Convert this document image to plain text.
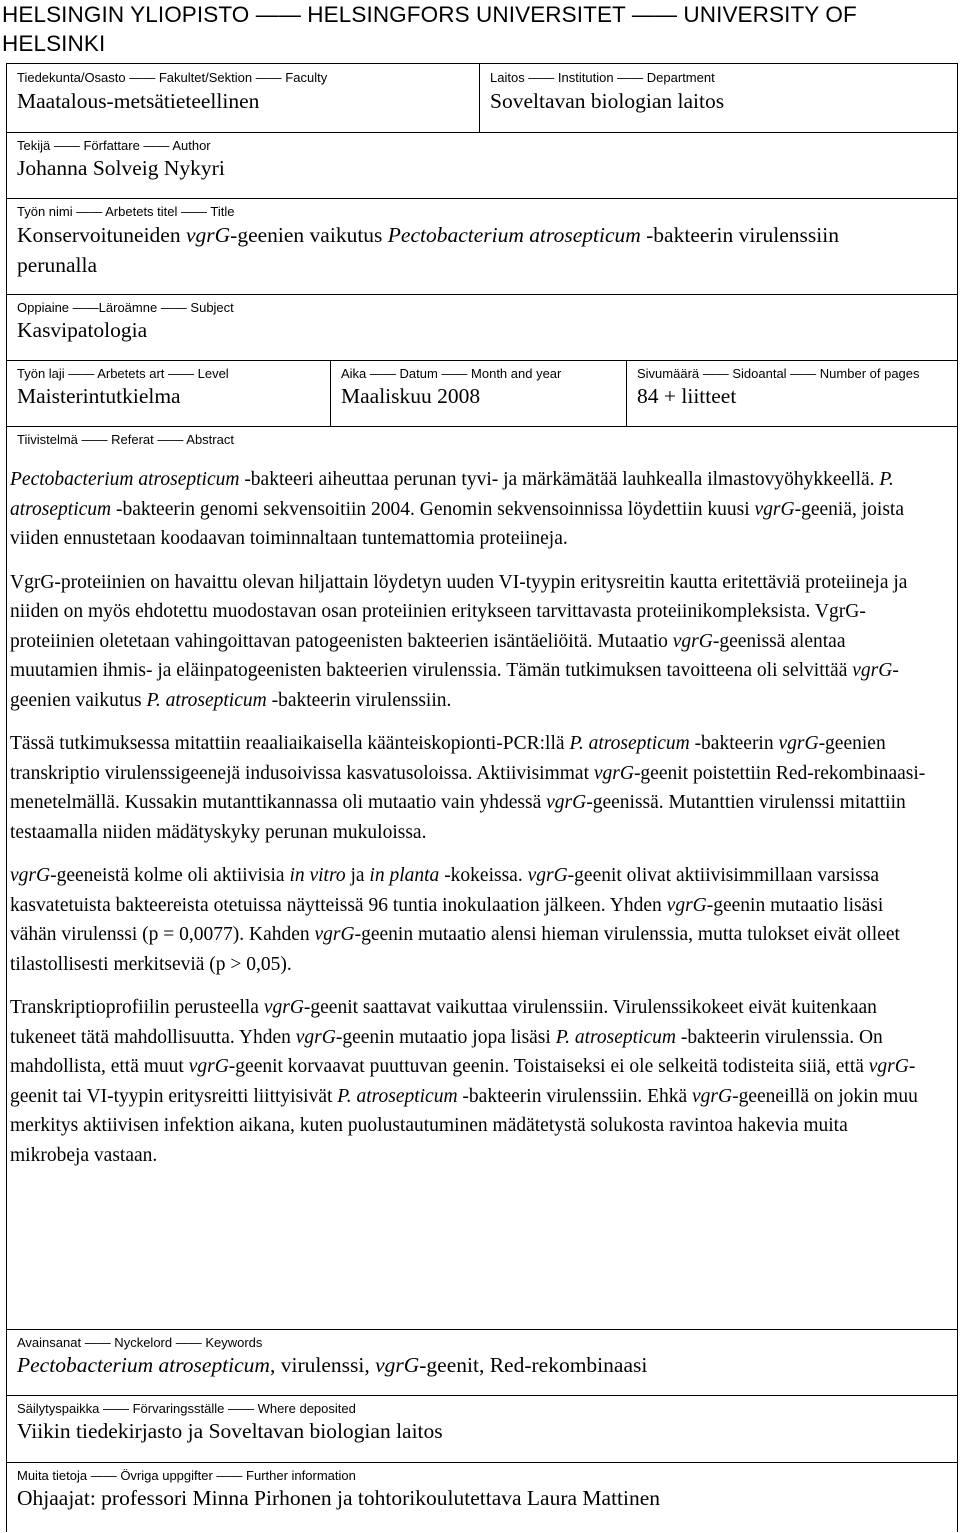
HELSINGIN YLIOPISTO —— HELSINGFORS UNIVERSITET —— UNIVERSITY OF HELSINKI
Tiedekunta/Osasto —— Fakultet/Sektion —— Faculty
Maatalous-metsätieteellinen
Laitos —— Institution —— Department
Soveltavan biologian laitos
Tekijä —— Författare —— Author
Johanna Solveig Nykyri
Työn nimi —— Arbetets titel —— Title
Konservoituneiden vgrG-geenien vaikutus Pectobacterium atrosepticum -bakteerin virulenssiin perunalla
Oppiaine ——Läroämne —— Subject
Kasvipatologia
Työn laji —— Arbetets art —— Level
Maisterintutkielma
Aika —— Datum —— Month and year
Maaliskuu 2008
Sivumäärä —— Sidoantal —— Number of pages
84 + liitteet
Tiivistelmä —— Referat —— Abstract
Avainsanat —— Nyckelord —— Keywords
Pectobacterium atrosepticum, virulenssi, vgrG-geenit, Red-rekombinaasi
Säilytyspaikka —— Förvaringsställe —— Where deposited
Viikin tiedekirjasto ja Soveltavan biologian laitos
Muita tietoja —— Övriga uppgifter —— Further information
Ohjaajat: professori Minna Pirhonen ja tohtorikoulutettava Laura Mattinen

Pectobacterium atrosepticum -bakteeri aiheuttaa perunan tyvi- ja märkämätää lauhkealla ilmastovyöhykkeellä. P. atrosepticum -bakteerin genomi sekvensoitiin 2004. Genomin sekvensoinnissa löydettiin kuusi vgrG-geeniä, joista viiden ennustetaan koodaavan toiminnaltaan tuntemattomia proteiineja.

VgrG-proteiinien on havaittu olevan hiljattain löydetyn uuden VI-tyypin eritysreitin kautta eritettäviä proteiineja ja niiden on myös ehdotettu muodostavan osan proteiinien eritykseen tarvittavasta proteiinikompleksista. VgrG-proteiinien oletetaan vahingoittavan patogeenisten bakteerien isäntäeliöitä. Mutaatio vgrG-geenissä alentaa muutamien ihmis- ja eläinpatogeenisten bakteerien virulenssia. Tämän tutkimuksen tavoitteena oli selvittää vgrG-geenien vaikutus P. atrosepticum -bakteerin virulenssiin.

Tässä tutkimuksessa mitattiin reaaliaikaisella käänteiskopionti-PCR:llä P. atrosepticum -bakteerin vgrG-geenien transkriptio virulenssigeenejä indusoivissa kasvatusoloissa. Aktiivisimmat vgrG-geenit poistettiin Red-rekombinaasi-menetelmällä. Kussakin mutanttikannassa oli mutaatio vain yhdessä vgrG-geenissä. Mutanttien virulenssi mitattiin testaamalla niiden mädätyskyky perunan mukuloissa.

vgrG-geeneistä kolme oli aktiivisia in vitro ja in planta -kokeissa. vgrG-geenit olivat aktiivisimmillaan varsissa kasvatetuista bakteereista otetuissa näytteissä 96 tuntia inokulaation jälkeen. Yhden vgrG-geenin mutaatio lisäsi vähän virulenssi (p = 0,0077). Kahden vgrG-geenin mutaatio alensi hieman virulenssia, mutta tulokset eivät olleet tilastollisesti merkitseviä (p > 0,05).

Transkriptioprofiilin perusteella vgrG-geenit saattavat vaikuttaa virulenssiin. Virulenssikokeet eivät kuitenkaan tukeneet tätä mahdollisuutta. Yhden vgrG-geenin mutaatio jopa lisäsi P. atrosepticum -bakteerin virulenssia. On mahdollista, että muut vgrG-geenit korvaavat puuttuvan geenin. Toistaiseksi ei ole selkeitä todisteita siiä, että vgrG-geenit tai VI-tyypin eritysreitti liittyisivät P. atrosepticum -bakteerin virulenssiin. Ehkä vgrG-geeneillä on jokin muu merkitys aktiivisen infektion aikana, kuten puolustautuminen mädätetystä solukosta ravintoa hakevia muita mikrobeja vastaan.
